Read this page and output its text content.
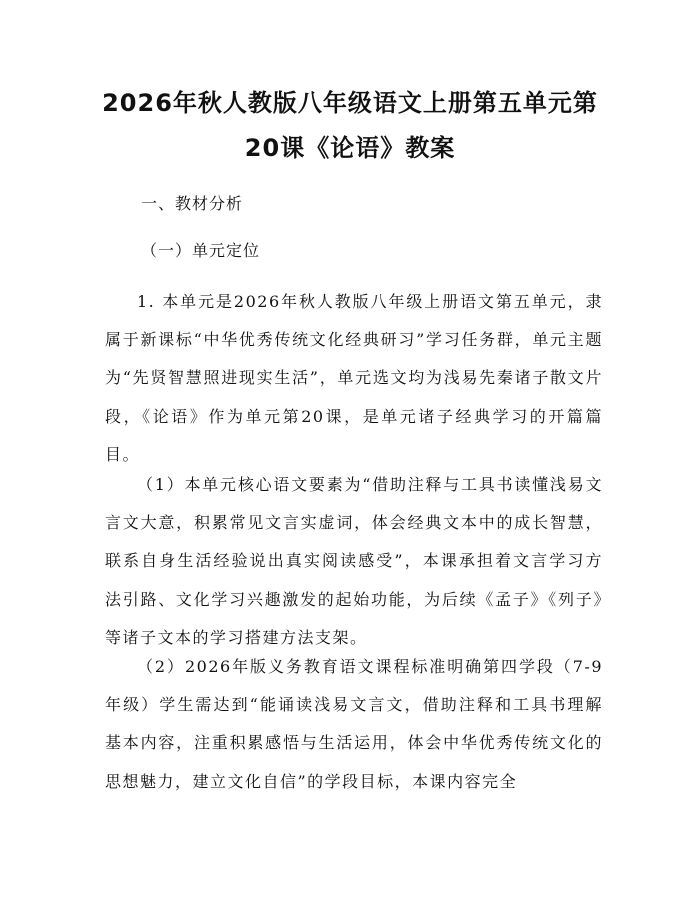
2026年秋人教版八年级语文上册第五单元第
20课《论语》教案
一、教材分析
（一）单元定位

1. 本单元是2026年秋人教版八年级上册语文第五单元，隶属于新课标“中华优秀传统文化经典研习”学习任务群，单元主题为“先贤智慧照进现实生活”，单元选文均为浅易先秦诸子散文片段，《论语》作为单元第20课，是单元诸子经典学习的开篇篇目。

（1）本单元核心语文要素为“借助注释与工具书读懂浅易文言文大意，积累常见文言实虚词，体会经典文本中的成长智慧，联系自身生活经验说出真实阅读感受”，本课承担着文言学习方法引路、文化学习兴趣激发的起始功能，为后续《孟子》《列子》等诸子文本的学习搭建方法支架。

（2）2026年版义务教育语文课程标准明确第四学段（7-9年级）学生需达到“能诵读浅易文言文，借助注释和工具书理解基本内容，注重积累感悟与生活运用，体会中华优秀传统文化的思想魅力，建立文化自信”的学段目标，本课内容完全
